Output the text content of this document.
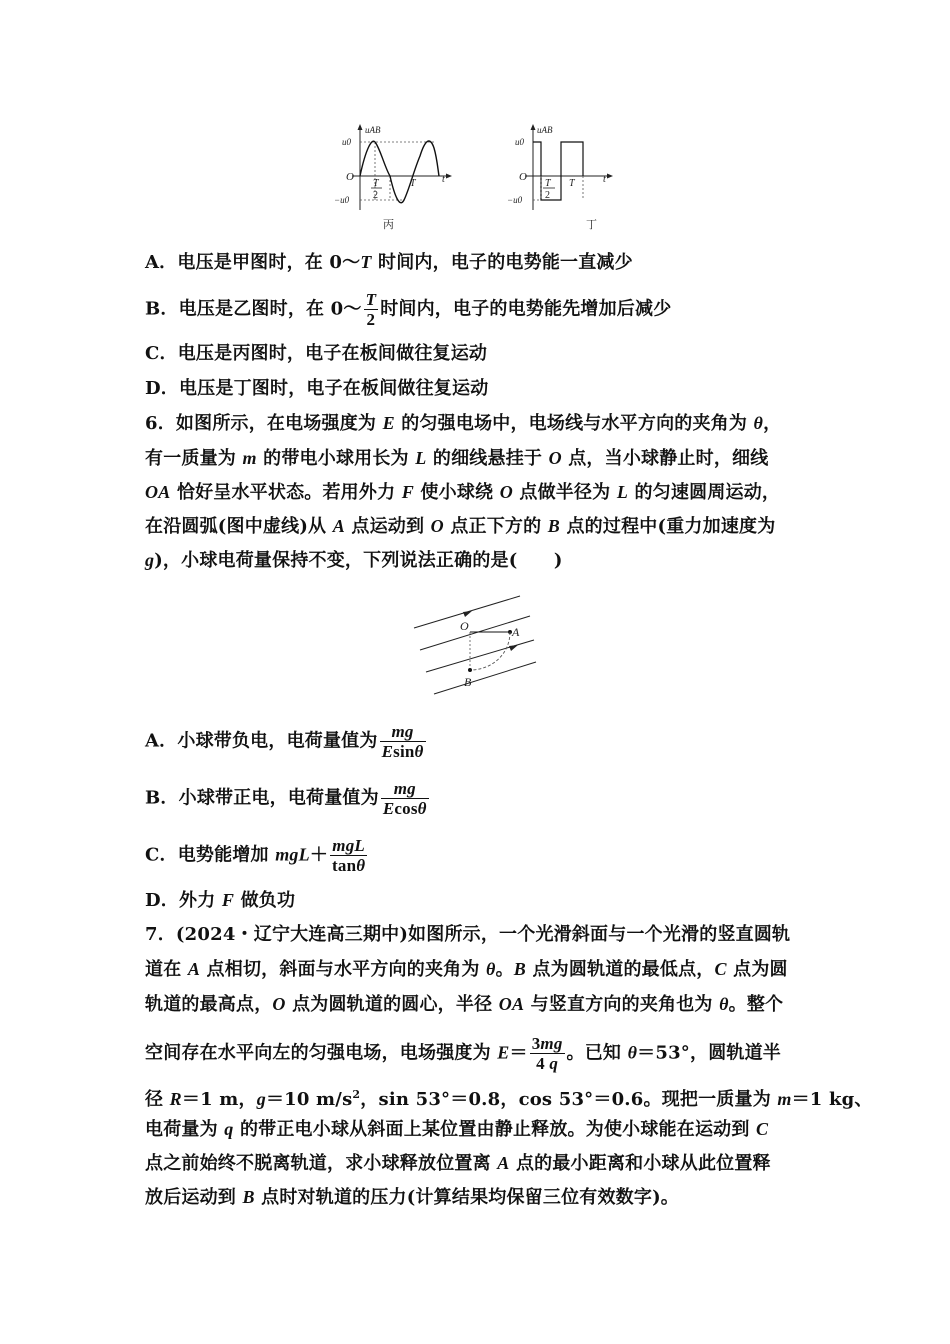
uAB
t
u0
−u0
O
T
2
T
丙
uAB
t
u0
−u0
O
T
2
T
丁
A．电压是甲图时，在 0～T 时间内，电子的电势能一直减少
B．电压是乙图时，在 0～ $\frac{T}{2}$ 时间内，电子的电势能先增加后减少
C．电压是丙图时，电子在板间做往复运动
D．电压是丁图时，电子在板间做往复运动
6．如图所示，在电场强度为 E 的匀强电场中，电场线与水平方向的夹角为 θ，
有一质量为 m 的带电小球用长为 L 的细线悬挂于 O 点，当小球静止时，细线
OA 恰好呈水平状态。若用外力 F 使小球绕 O 点做半径为 L 的匀速圆周运动，
在沿圆弧(图中虚线)从 A 点运动到 O 点正下方的 B 点的过程中(重力加速度为
g)，小球电荷量保持不变，下列说法正确的是(　　)
O	A
B
A．小球带负电，电荷量值为 $\frac{mg}{Esin\theta}$
B．小球带正电，电荷量值为 $\frac{mg}{Ecos\theta}$
C．电势能增加 $mgL+ \frac{\text{mgL}}{\tan\theta}$
D．外力 F 做负功
7．(2024・辽宁大连高三期中)如图所示，一个光滑斜面与一个光滑的竖直圆轨
道在 A 点相切，斜面与水平方向的夹角为 θ。B 点为圆轨道的最低点，C 点为圆
轨道的最高点，O 点为圆轨道的圆心，半径 OA 与竖直方向的夹角也为 θ。整个
空间存在水平向左的匀强电场，电场强度为 $E= \frac{3mg}{4 q}$ 。已知 θ＝53°，圆轨道半
径 R＝1 m，g＝10 $m/s^2$，sin 53°＝0.8，cos 53°＝0.6。现把一质量为 m＝1 kg、
电荷量为 q 的带正电小球从斜面上某位置由静止释放。为使小球能在运动到 C
点之前始终不脱离轨道，求小球释放位置离 A 点的最小距离和小球从此位置释
放后运动到 B 点时对轨道的压力(计算结果均保留三位有效数字)。
